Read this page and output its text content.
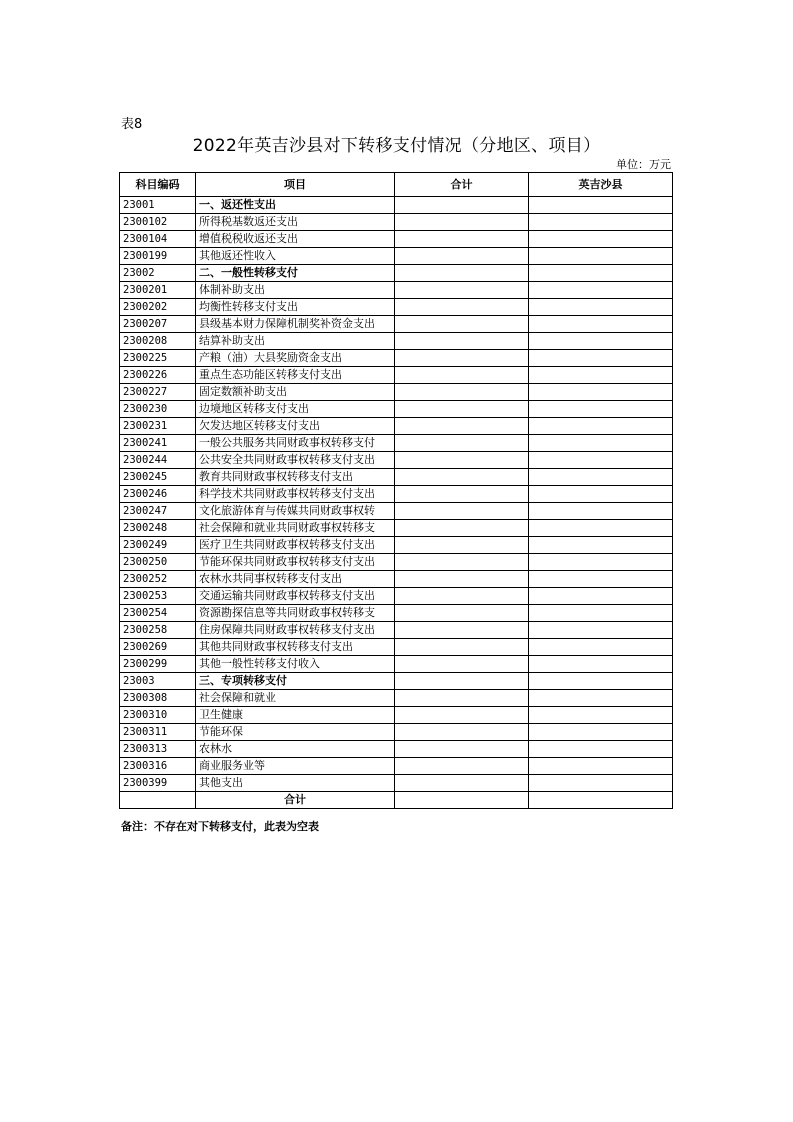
表8
2022年英吉沙县对下转移支付情况（分地区、项目）
单位：万元
科目编码	项目	合计	英吉沙县
23001	一、返还性支出		
2300102	所得税基数返还支出		
2300104	增值税税收返还支出		
2300199	其他返还性收入		
23002	二、一般性转移支付		
2300201	体制补助支出		
2300202	均衡性转移支付支出		
2300207	县级基本财力保障机制奖补资金支出		
2300208	结算补助支出		
2300225	产粮（油）大县奖励资金支出		
2300226	重点生态功能区转移支付支出		
2300227	固定数额补助支出		
2300230	边境地区转移支付支出		
2300231	欠发达地区转移支付支出		
2300241	一般公共服务共同财政事权转移支付		
2300244	公共安全共同财政事权转移支付支出		
2300245	教育共同财政事权转移支付支出		
2300246	科学技术共同财政事权转移支付支出		
2300247	文化旅游体育与传媒共同财政事权转		
2300248	社会保障和就业共同财政事权转移支		
2300249	医疗卫生共同财政事权转移支付支出		
2300250	节能环保共同财政事权转移支付支出		
2300252	农林水共同事权转移支付支出		
2300253	交通运输共同财政事权转移支付支出		
2300254	资源勘探信息等共同财政事权转移支		
2300258	住房保障共同财政事权转移支付支出		
2300269	其他共同财政事权转移支付支出		
2300299	其他一般性转移支付收入		
23003	三、专项转移支付		
2300308	社会保障和就业		
2300310	卫生健康		
2300311	节能环保		
2300313	农林水		
2300316	商业服务业等		
2300399	其他支出		
	合计		
备注：不存在对下转移支付，此表为空表
